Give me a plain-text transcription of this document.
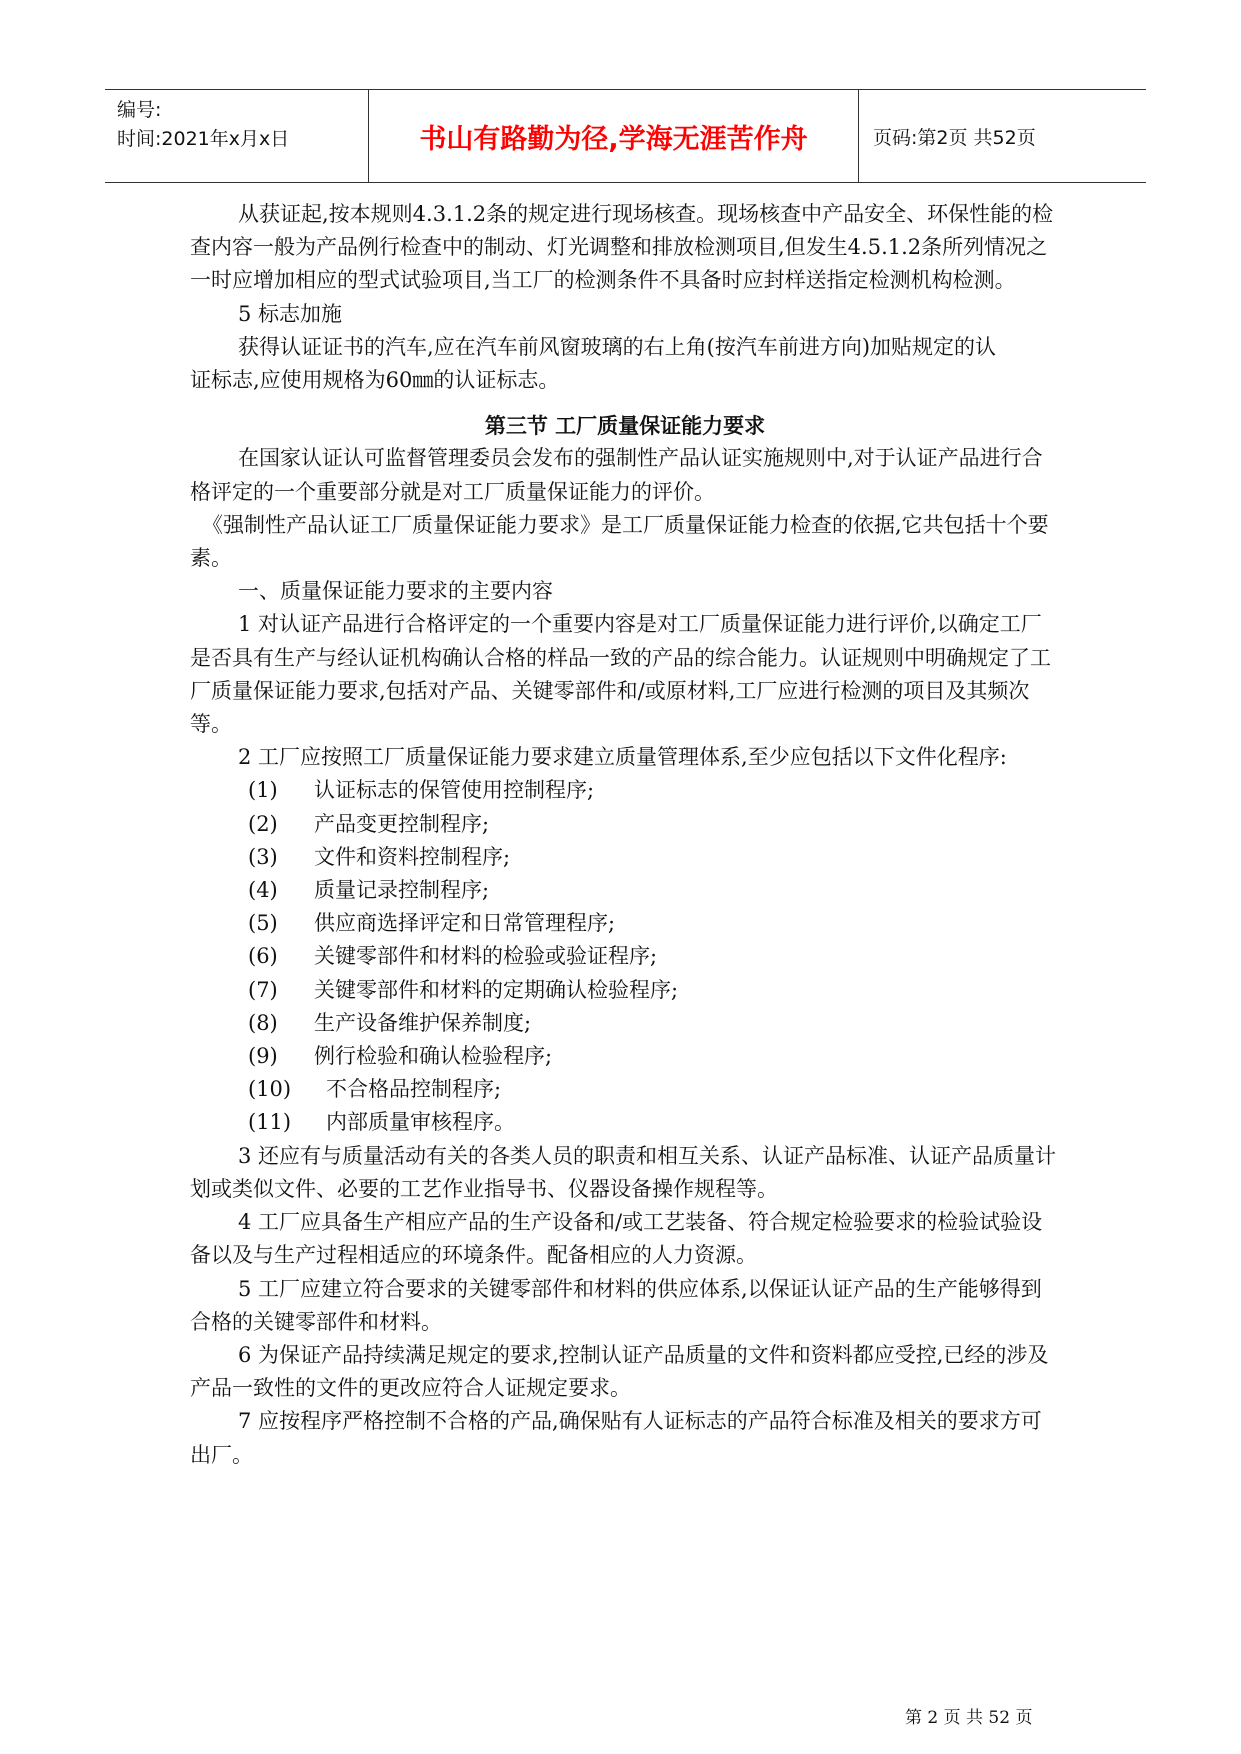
编号:
时间:2021年x月x日	书山有路勤为径,学海无涯苦作舟	页码:第2页 共52页

从获证起,按本规则4.3.1.2条的规定进行现场核查。现场核查中产品安全、环保性能的检查内容一般为产品例行检查中的制动、灯光调整和排放检测项目,但发生4.5.1.2条所列情况之一时应增加相应的型式试验项目,当工厂的检测条件不具备时应封样送指定检测机构检测。

5 标志加施

获得认证证书的汽车,应在汽车前风窗玻璃的右上角(按汽车前进方向)加贴规定的认

证标志,应使用规格为60㎜的认证标志。

第三节 工厂质量保证能力要求

在国家认证认可监督管理委员会发布的强制性产品认证实施规则中,对于认证产品进行合格评定的一个重要部分就是对工厂质量保证能力的评价。

《强制性产品认证工厂质量保证能力要求》是工厂质量保证能力检查的依据,它共包括十个要素。

一、质量保证能力要求的主要内容

1 对认证产品进行合格评定的一个重要内容是对工厂质量保证能力进行评价,以确定工厂是否具有生产与经认证机构确认合格的样品一致的产品的综合能力。认证规则中明确规定了工厂质量保证能力要求,包括对产品、关键零部件和/或原材料,工厂应进行检测的项目及其频次等。

2 工厂应按照工厂质量保证能力要求建立质量管理体系,至少应包括以下文件化程序:

(1) 认证标志的保管使用控制程序;

(2) 产品变更控制程序;

(3) 文件和资料控制程序;

(4) 质量记录控制程序;

(5) 供应商选择评定和日常管理程序;

(6) 关键零部件和材料的检验或验证程序;

(7) 关键零部件和材料的定期确认检验程序;

(8) 生产设备维护保养制度;

(9) 例行检验和确认检验程序;

(10) 不合格品控制程序;

(11) 内部质量审核程序。

3 还应有与质量活动有关的各类人员的职责和相互关系、认证产品标准、认证产品质量计划或类似文件、必要的工艺作业指导书、仪器设备操作规程等。

4 工厂应具备生产相应产品的生产设备和/或工艺装备、符合规定检验要求的检验试验设备以及与生产过程相适应的环境条件。配备相应的人力资源。

5 工厂应建立符合要求的关键零部件和材料的供应体系,以保证认证产品的生产能够得到合格的关键零部件和材料。

6 为保证产品持续满足规定的要求,控制认证产品质量的文件和资料都应受控,已经的涉及产品一致性的文件的更改应符合人证规定要求。

7 应按程序严格控制不合格的产品,确保贴有人证标志的产品符合标准及相关的要求方可出厂。

第 2 页 共 52 页
